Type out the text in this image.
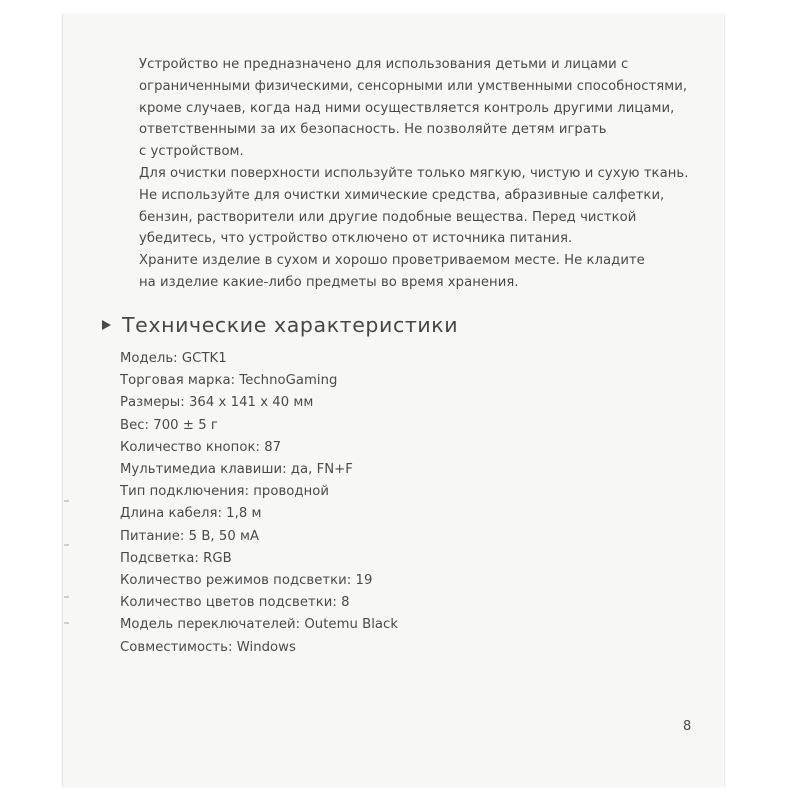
Устройство не предназначено для использования детьми и лицами с
ограниченными физическими, сенсорными или умственными способностями,
кроме случаев, когда над ними осуществляется контроль другими лицами,
ответственными за их безопасность. Не позволяйте детям играть
с устройством.
Для очистки поверхности используйте только мягкую, чистую и сухую ткань.
Не используйте для очистки химические средства, абразивные салфетки,
бензин, растворители или другие подобные вещества. Перед чисткой
убедитесь, что устройство отключено от источника питания.
Храните изделие в сухом и хорошо проветриваемом месте. Не кладите
на изделие какие-либо предметы во время хранения.
Технические характеристики
Модель: GCTK1
Торговая марка: TechnoGaming
Размеры: 364 х 141 х 40 мм
Вес: 700 ± 5 г
Количество кнопок: 87
Мультимедиа клавиши: да, FN+F
Тип подключения: проводной
Длина кабеля: 1,8 м
Питание: 5 В, 50 мА
Подсветка: RGB
Количество режимов подсветки: 19
Количество цветов подсветки: 8
Модель переключателей: Outemu Black
Совместимость: Windows
8
